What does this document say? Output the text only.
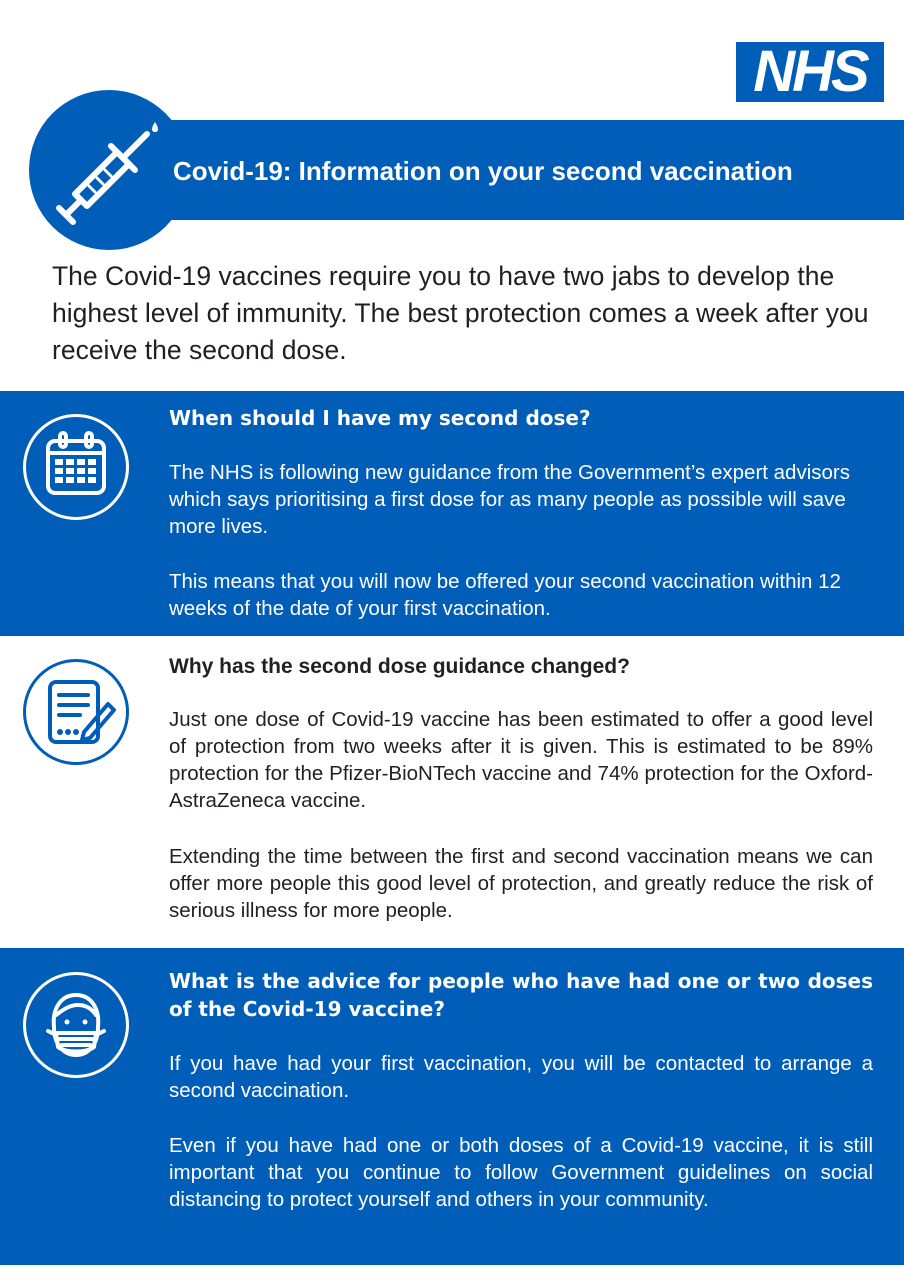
NHS
Covid-19: Information on your second vaccination
The Covid-19 vaccines require you to have two jabs to develop the highest level of immunity. The best protection comes a week after you receive the second dose.
When should I have my second dose?
The NHS is following new guidance from the Government’s expert advisors which says prioritising a first dose for as many people as possible will save more lives.
This means that you will now be offered your second vaccination within 12 weeks of the date of your first vaccination.
Why has the second dose guidance changed?
Just one dose of Covid-19 vaccine has been estimated to offer a good level of protection from two weeks after it is given. This is estimated to be 89% protection for the Pfizer-BioNTech vaccine and 74% protection for the Oxford-AstraZeneca vaccine.
Extending the time between the first and second vaccination means we can offer more people this good level of protection, and greatly reduce the risk of serious illness for more people.
What is the advice for people who have had one or two doses of the Covid-19 vaccine?
If you have had your first vaccination, you will be contacted to arrange a second vaccination.
Even if you have had one or both doses of a Covid-19 vaccine, it is still important that you continue to follow Government guidelines on social distancing to protect yourself and others in your community.
